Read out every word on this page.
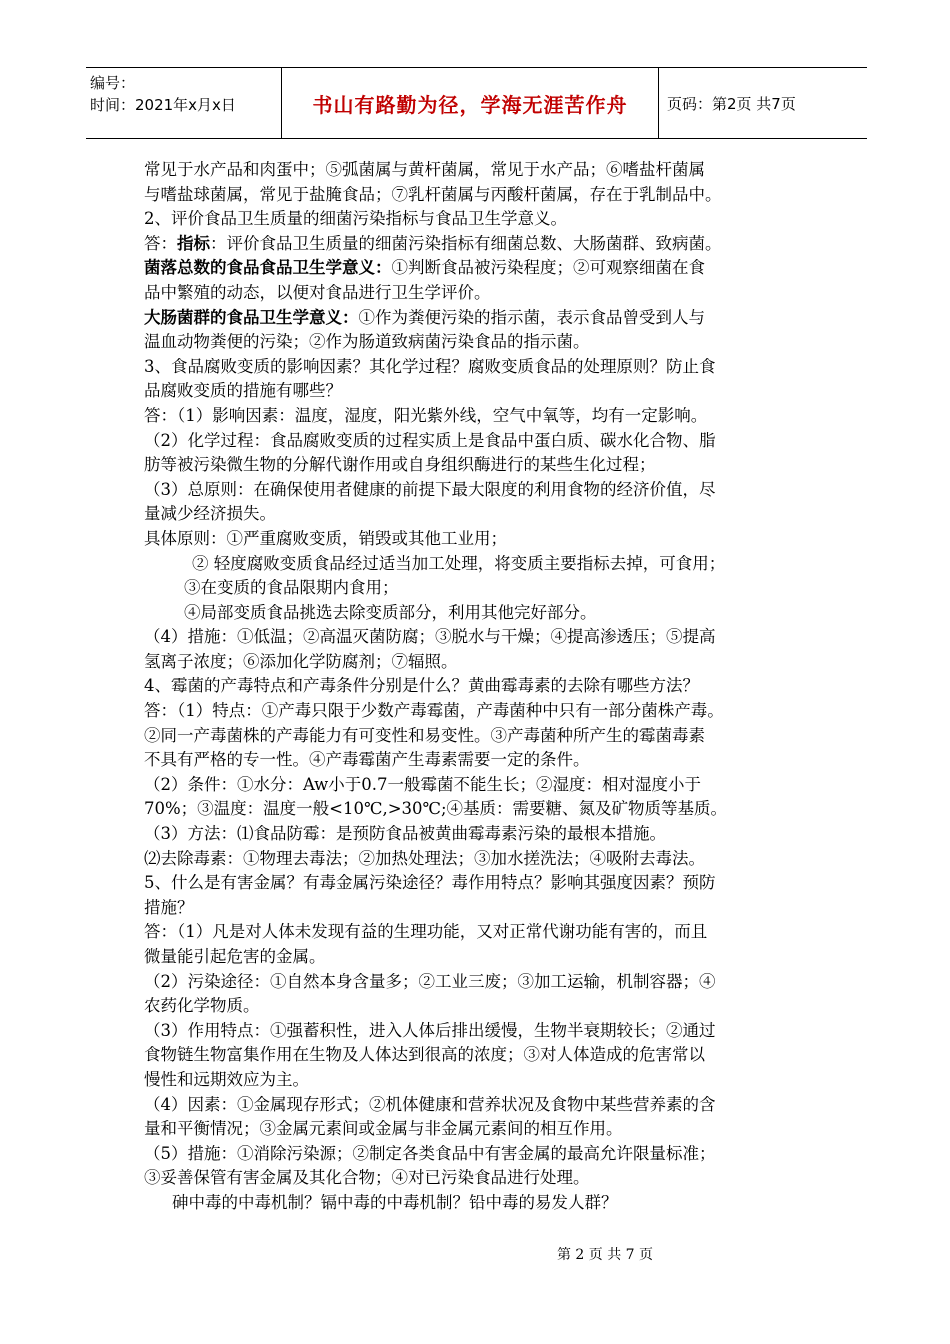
编号：
时间：2021年x月x日	书山有路勤为径，学海无涯苦作舟	页码：第2页 共7页
常见于水产品和肉蛋中；⑤弧菌属与黄杆菌属，常见于水产品；⑥嗜盐杆菌属
与嗜盐球菌属，常见于盐腌食品；⑦乳杆菌属与丙酸杆菌属，存在于乳制品中。
2、评价食品卫生质量的细菌污染指标与食品卫生学意义。
答：指标：评价食品卫生质量的细菌污染指标有细菌总数、大肠菌群、致病菌。
菌落总数的食品食品卫生学意义：①判断食品被污染程度；②可观察细菌在食
品中繁殖的动态，以便对食品进行卫生学评价。
大肠菌群的食品卫生学意义：①作为粪便污染的指示菌，表示食品曾受到人与
温血动物粪便的污染；②作为肠道致病菌污染食品的指示菌。
3、食品腐败变质的影响因素？其化学过程？腐败变质食品的处理原则？防止食
品腐败变质的措施有哪些？
答：（1）影响因素：温度，湿度，阳光紫外线，空气中氧等，均有一定影响。
（2）化学过程：食品腐败变质的过程实质上是食品中蛋白质、碳水化合物、脂
肪等被污染微生物的分解代谢作用或自身组织酶进行的某些生化过程；
（3）总原则：在确保使用者健康的前提下最大限度的利用食物的经济价值，尽
量减少经济损失。
具体原则：①严重腐败变质，销毁或其他工业用；
② 轻度腐败变质食品经过适当加工处理，将变质主要指标去掉，可食用；
③在变质的食品限期内食用；
④局部变质食品挑选去除变质部分，利用其他完好部分。
（4）措施：①低温；②高温灭菌防腐；③脱水与干燥；④提高渗透压；⑤提高
氢离子浓度；⑥添加化学防腐剂；⑦辐照。
4、霉菌的产毒特点和产毒条件分别是什么？黄曲霉毒素的去除有哪些方法？
答：（1）特点：①产毒只限于少数产毒霉菌，产毒菌种中只有一部分菌株产毒。
②同一产毒菌株的产毒能力有可变性和易变性。③产毒菌种所产生的霉菌毒素
不具有严格的专一性。④产毒霉菌产生毒素需要一定的条件。
（2）条件：①水分：Aw小于0.7一般霉菌不能生长；②湿度：相对湿度小于
70%；③温度：温度一般<10℃,>30℃;④基质：需要糖、氮及矿物质等基质。
（3）方法：⑴食品防霉：是预防食品被黄曲霉毒素污染的最根本措施。
⑵去除毒素：①物理去毒法；②加热处理法；③加水搓洗法；④吸附去毒法。
5、什么是有害金属？有毒金属污染途径？毒作用特点？影响其强度因素？预防
措施？
答：（1）凡是对人体未发现有益的生理功能，又对正常代谢功能有害的，而且
微量能引起危害的金属。
（2）污染途径：①自然本身含量多；②工业三废；③加工运输，机制容器；④
农药化学物质。
（3）作用特点：①强蓄积性，进入人体后排出缓慢，生物半衰期较长；②通过
食物链生物富集作用在生物及人体达到很高的浓度；③对人体造成的危害常以
慢性和远期效应为主。
（4）因素：①金属现存形式；②机体健康和营养状况及食物中某些营养素的含
量和平衡情况；③金属元素间或金属与非金属元素间的相互作用。
（5）措施：①消除污染源；②制定各类食品中有害金属的最高允许限量标准；
③妥善保管有害金属及其化合物；④对已污染食品进行处理。
砷中毒的中毒机制？镉中毒的中毒机制？铅中毒的易发人群？
第 2 页 共 7 页
